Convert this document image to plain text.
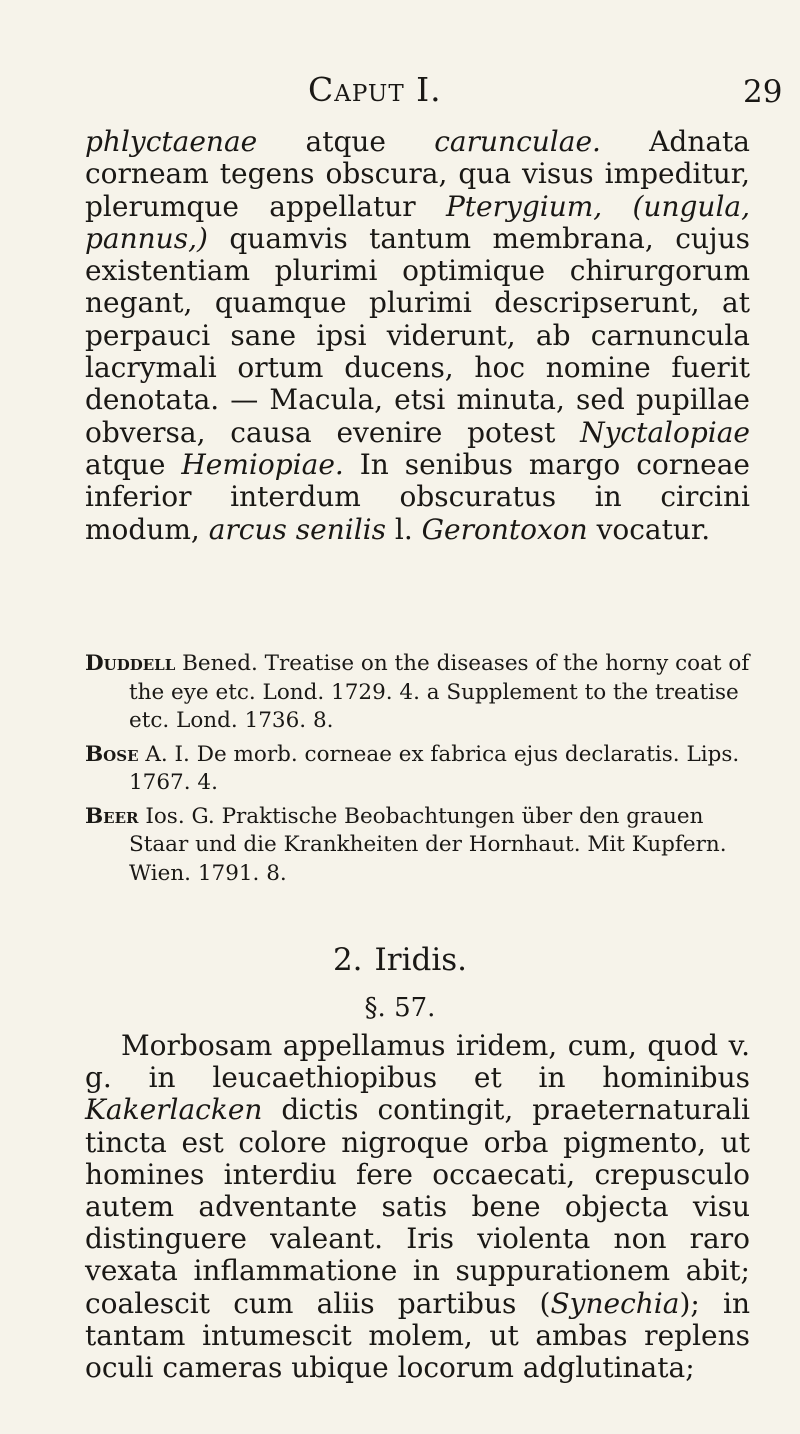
Caput I.	29

phlyctaenae atque carunculae. Adnata corneam tegens obscura, qua visus impeditur, plerumque appellatur Pterygium, (ungula, pannus,) quamvis tantum membrana, cujus existentiam plurimi optimique chirurgorum negant, quamque plurimi descripserunt, at perpauci sane ipsi viderunt, ab carnuncula lacrymali ortum ducens, hoc nomine fuerit denotata. — Macula, etsi minuta, sed pupillae obversa, causa evenire potest Nyctalopiae atque Hemiopiae. In senibus margo corneae inferior interdum obscuratus in circini modum, arcus senilis l. Gerontoxon vocatur.

Duddell Bened. Treatise on the diseases of the horny coat of the eye etc. Lond. 1729. 4. a Supplement to the treatise etc. Lond. 1736. 8.
Bose A. I. De morb. corneae ex fabrica ejus declaratis. Lips. 1767. 4.
Beer Ios. G. Praktische Beobachtungen über den grauen Staar und die Krankheiten der Hornhaut. Mit Kupfern. Wien. 1791. 8.
2. Iridis.
§. 57.

Morbosam appellamus iridem, cum, quod v. g. in leucaethiopibus et in hominibus Kakerlacken dictis contingit, praeternaturali tincta est colore nigroque orba pigmento, ut homines interdiu fere occaecati, crepusculo autem adventante satis bene objecta visu distinguere valeant. Iris violenta non raro vexata inflammatione in suppurationem abit; coalescit cum aliis partibus (Synechia); in tantam intumescit molem, ut ambas replens oculi cameras ubique locorum adglutinata;
